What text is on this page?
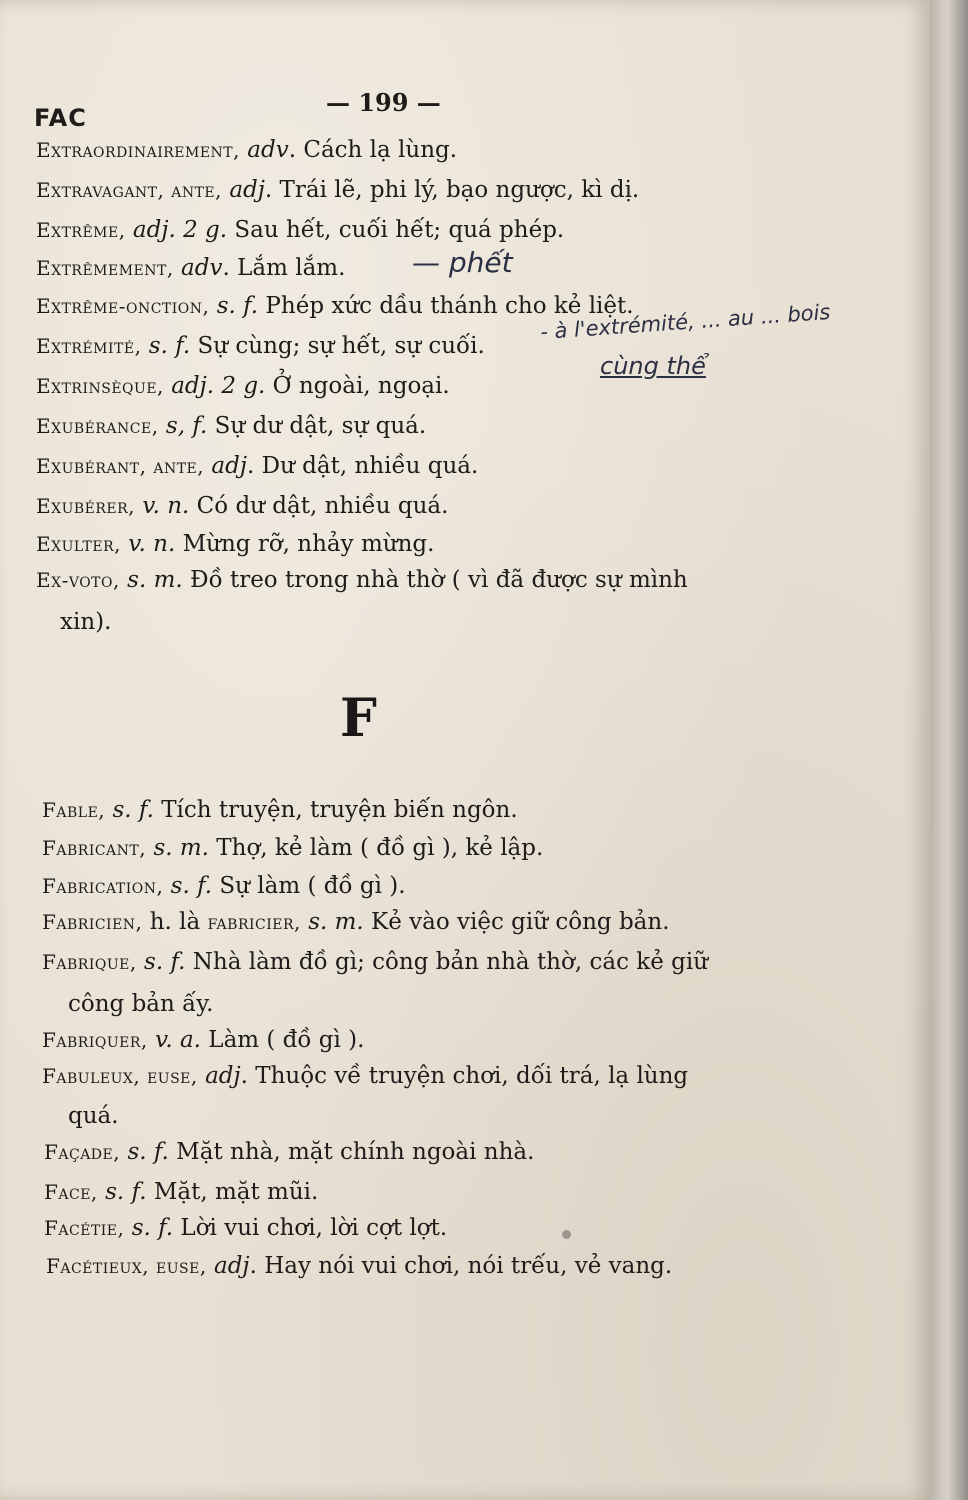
FAC
— 199 —
Extraordinairement, adv. Cách lạ lùng.
Extravagant, ante, adj. Trái lẽ, phi lý, bạo ngược, kì dị.
Extrême, adj. 2 g. Sau hết, cuối hết; quá phép.
Extrêmement, adv. Lắm lắm.
Extrême-onction, s. f. Phép xức dầu thánh cho kẻ liệt.
Extrémité, s. f. Sự cùng; sự hết, sự cuối.
Extrinsèque, adj. 2 g. Ở ngoài, ngoại.
Exubérance, s, f. Sự dư dật, sự quá.
Exubérant, ante, adj. Dư dật, nhiều quá.
Exubérer, v. n. Có dư dật, nhiều quá.
Exulter, v. n. Mừng rỡ, nhảy mừng.
Ex-voto, s. m. Đồ treo trong nhà thờ ( vì đã được sự mình
xin).
Fable, s. f. Tích truyện, truyện biến ngôn.
Fabricant, s. m. Thợ, kẻ làm ( đồ gì ), kẻ lập.
Fabrication, s. f. Sự làm ( đồ gì ).
Fabricien, h. là fabricier, s. m. Kẻ vào việc giữ công bản.
Fabrique, s. f. Nhà làm đồ gì; công bản nhà thờ, các kẻ giữ
công bản ấy.
Fabriquer, v. a. Làm ( đồ gì ).
Fabuleux, euse, adj. Thuộc về truyện chơi, dối trá, lạ lùng
quá.
Façade, s. f. Mặt nhà, mặt chính ngoài nhà.
Face, s. f. Mặt, mặt mũi.
Facétie, s. f. Lời vui chơi, lời cợt lợt.
Facétieux, euse, adj. Hay nói vui chơi, nói trếu, vẻ vang.
F
— phết
- à l'extrémité, ... au ... bois
cùng thể
